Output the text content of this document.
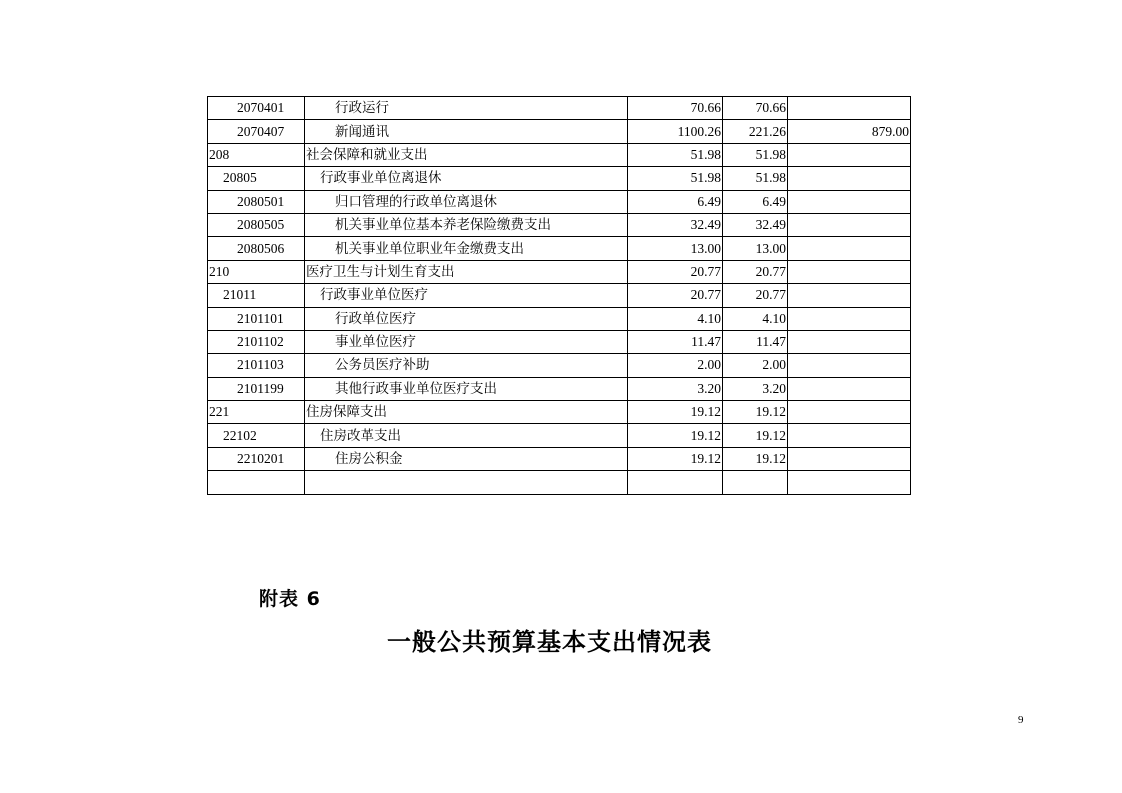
2070401	行政运行	70.66	70.66	
2070407	新闻通讯	1100.26	221.26	879.00
208	社会保障和就业支出	51.98	51.98	
20805	行政事业单位离退休	51.98	51.98	
2080501	归口管理的行政单位离退休	6.49	6.49	
2080505	机关事业单位基本养老保险缴费支出	32.49	32.49	
2080506	机关事业单位职业年金缴费支出	13.00	13.00	
210	医疗卫生与计划生育支出	20.77	20.77	
21011	行政事业单位医疗	20.77	20.77	
2101101	行政单位医疗	4.10	4.10	
2101102	事业单位医疗	11.47	11.47	
2101103	公务员医疗补助	2.00	2.00	
2101199	其他行政事业单位医疗支出	3.20	3.20	
221	住房保障支出	19.12	19.12	
22102	住房改革支出	19.12	19.12	
2210201	住房公积金	19.12	19.12	

附表 6
一般公共预算基本支出情况表
9
